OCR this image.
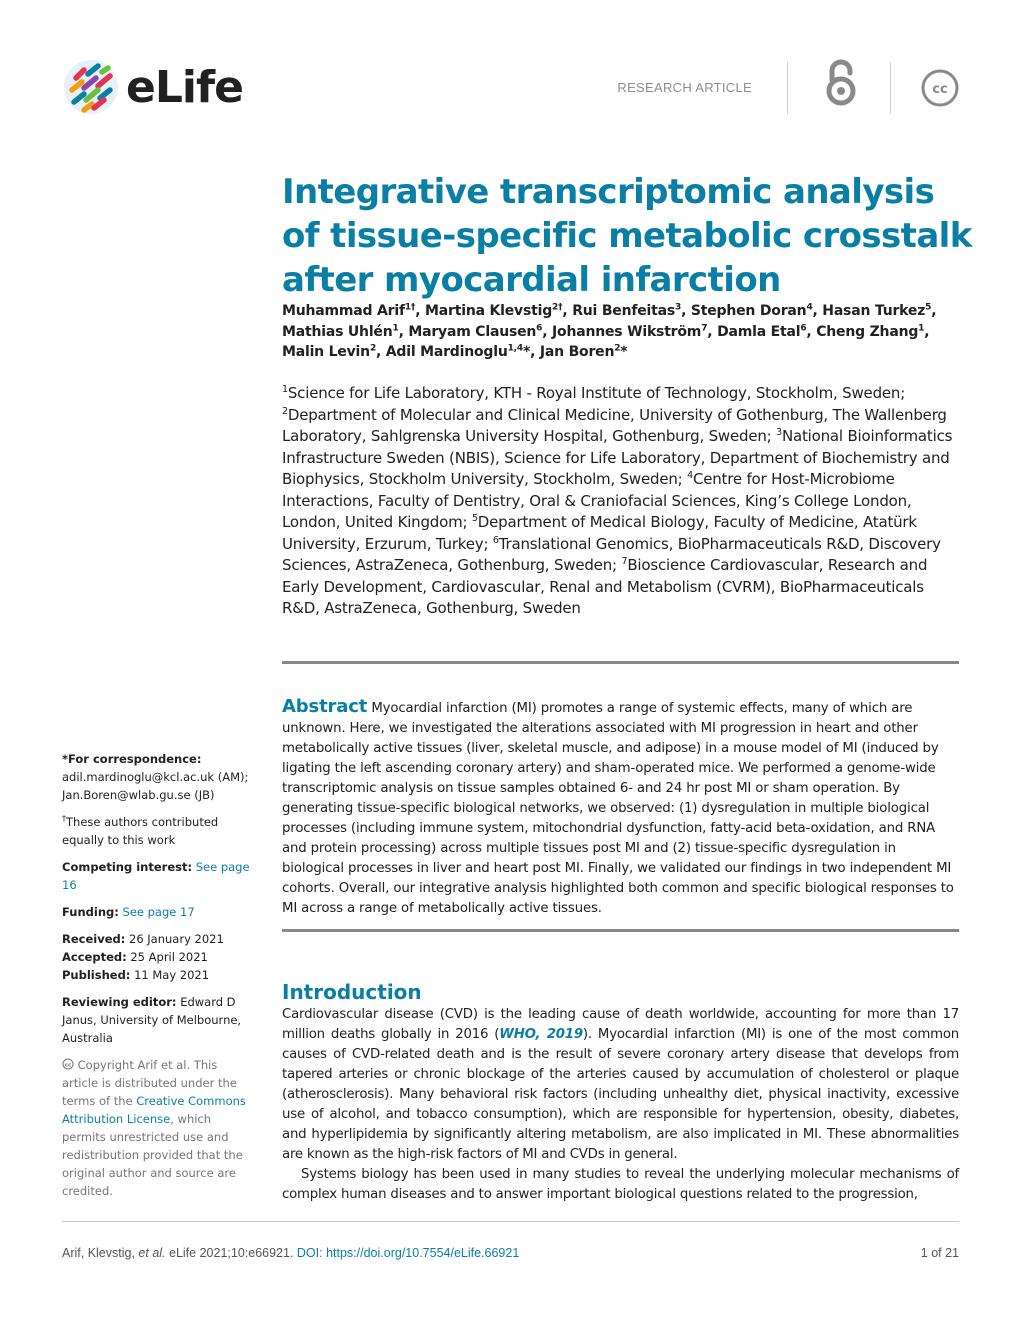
eLife	RESEARCH ARTICLE	cc
Integrative transcriptomic analysis of tissue-specific metabolic crosstalk after myocardial infarction

Muhammad Arif$^{1\dagger}$, Martina Klevstig$^{2\dagger}$, Rui Benfeitas$^3$, Stephen Doran$^4$, Hasan Turkez$^5$, Mathias Uhlén$^1$, Maryam Clausen$^6$, Johannes Wikström$^7$, Damla Etal$^6$, Cheng Zhang$^1$, Malin Levin$^2$, Adil Mardinoglu$^{1,4}$*, Jan Boren$^2$*

$^1$Science for Life Laboratory, KTH - Royal Institute of Technology, Stockholm, Sweden; $^2$Department of Molecular and Clinical Medicine, University of Gothenburg, The Wallenberg Laboratory, Sahlgrenska University Hospital, Gothenburg, Sweden; $^3$National Bioinformatics Infrastructure Sweden (NBIS), Science for Life Laboratory, Department of Biochemistry and Biophysics, Stockholm University, Stockholm, Sweden; $^4$Centre for Host-Microbiome Interactions, Faculty of Dentistry, Oral & Craniofacial Sciences, King’s College London, London, United Kingdom; $^5$Department of Medical Biology, Faculty of Medicine, Atatürk University, Erzurum, Turkey; $^6$Translational Genomics, BioPharmaceuticals R&D, Discovery Sciences, AstraZeneca, Gothenburg, Sweden; $^7$Bioscience Cardiovascular, Research and Early Development, Cardiovascular, Renal and Metabolism (CVRM), BioPharmaceuticals R&D, AstraZeneca, Gothenburg, Sweden

Abstract Myocardial infarction (MI) promotes a range of systemic effects, many of which are unknown. Here, we investigated the alterations associated with MI progression in heart and other metabolically active tissues (liver, skeletal muscle, and adipose) in a mouse model of MI (induced by ligating the left ascending coronary artery) and sham-operated mice. We performed a genome-wide transcriptomic analysis on tissue samples obtained 6- and 24 hr post MI or sham operation. By generating tissue-specific biological networks, we observed: (1) dysregulation in multiple biological processes (including immune system, mitochondrial dysfunction, fatty-acid beta-oxidation, and RNA and protein processing) across multiple tissues post MI and (2) tissue-specific dysregulation in biological processes in liver and heart post MI. Finally, we validated our findings in two independent MI cohorts. Overall, our integrative analysis highlighted both common and specific biological responses to MI across a range of metabolically active tissues.

*For correspondence:
adil.mardinoglu@kcl.ac.uk (AM); Jan.Boren@wlab.gu.se (JB)

†These authors contributed equally to this work

Competing interest: See page 16

Funding: See page 17

Received: 26 January 2021
Accepted: 25 April 2021
Published: 11 May 2021

Reviewing editor: Edward D Janus, University of Melbourne, Australia

cc Copyright Arif et al. This article is distributed under the terms of the Creative Commons Attribution License, which permits unrestricted use and redistribution provided that the original author and source are credited.

Introduction

Cardiovascular disease (CVD) is the leading cause of death worldwide, accounting for more than 17 million deaths globally in 2016 (WHO, 2019). Myocardial infarction (MI) is one of the most common causes of CVD-related death and is the result of severe coronary artery disease that develops from tapered arteries or chronic blockage of the arteries caused by accumulation of cholesterol or plaque (atherosclerosis). Many behavioral risk factors (including unhealthy diet, physical inactivity, excessive use of alcohol, and tobacco consumption), which are responsible for hypertension, obesity, diabetes, and hyperlipidemia by significantly altering metabolism, are also implicated in MI. These abnormalities are known as the high-risk factors of MI and CVDs in general.

Systems biology has been used in many studies to reveal the underlying molecular mechanisms of complex human diseases and to answer important biological questions related to the progression,

Arif, Klevstig, et al. eLife 2021;10:e66921. DOI: https://doi.org/10.7554/eLife.66921	1 of 21
